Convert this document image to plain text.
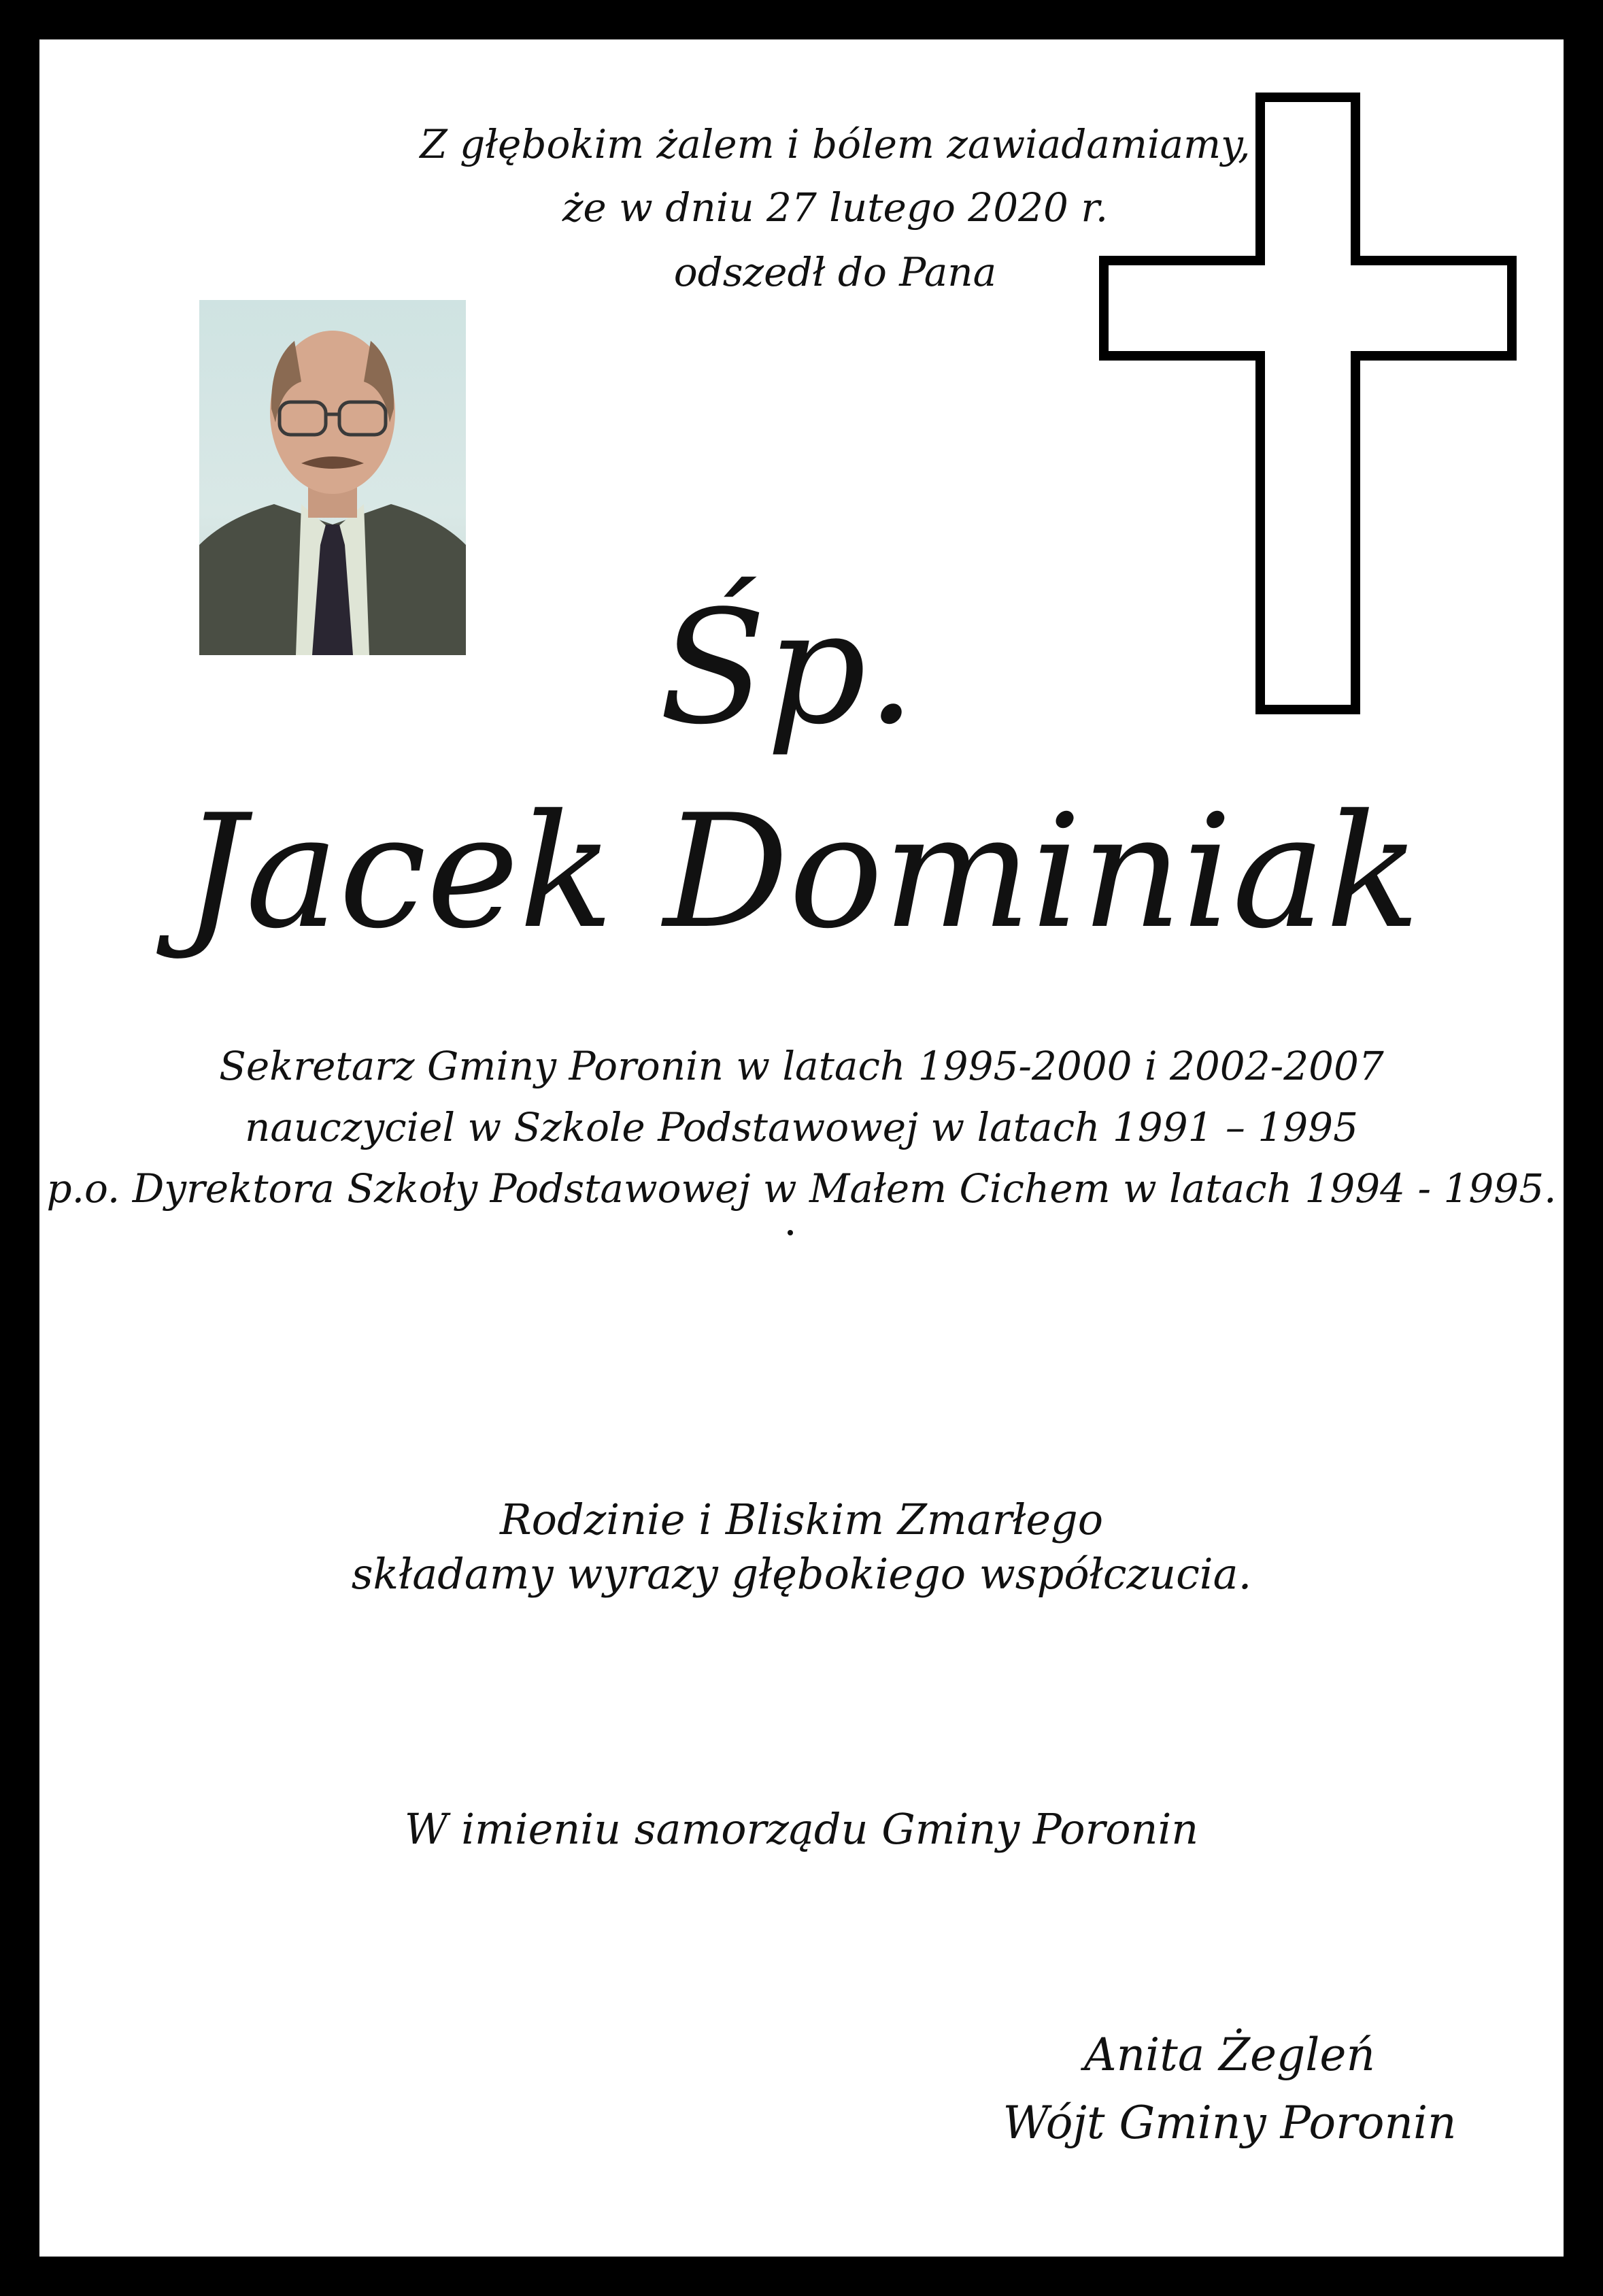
Z głębokim żalem i bólem zawiadamiamy,

że w dniu 27 lutego 2020 r.

odszedł do Pana

Śp.

Jacek Dominiak

Sekretarz Gminy Poronin w latach 1995-2000 i 2002-2007

nauczyciel w Szkole Podstawowej w latach 1991 – 1995

p.o. Dyrektora Szkoły Podstawowej w Małem Cichem w latach 1994 - 1995.

Rodzinie i Bliskim Zmarłego

składamy wyrazy głębokiego współczucia.

W imieniu samorządu Gminy Poronin

Anita Żegleń

Wójt Gminy Poronin
